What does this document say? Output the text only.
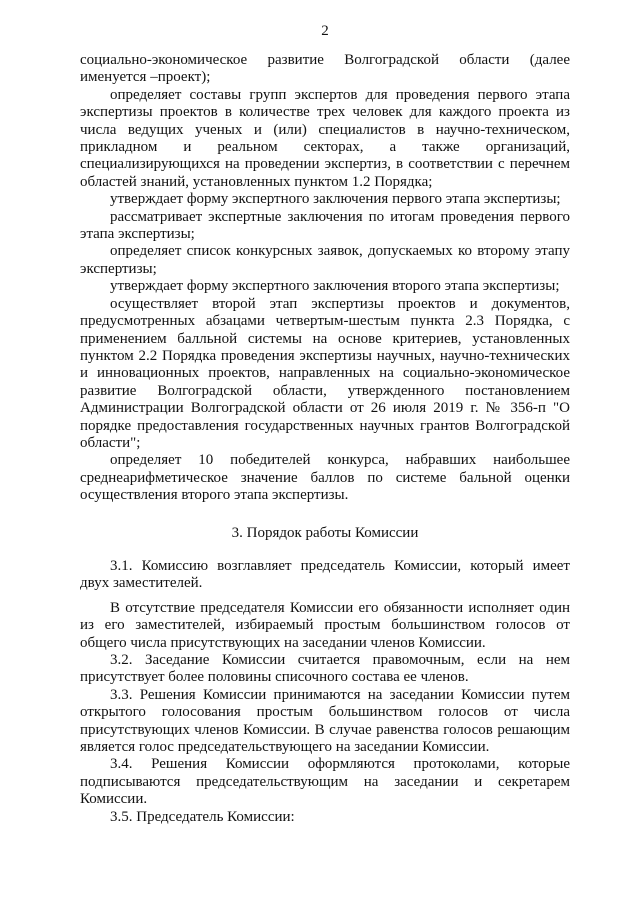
2

социально-экономическое развитие Волгоградской области (далее именуется –проект);

определяет составы групп экспертов для проведения первого этапа экспертизы проектов в количестве трех человек для каждого проекта из числа ведущих ученых и (или) специалистов в научно-техническом, прикладном и реальном секторах, а также организаций, специализирующихся на проведении экспертиз, в соответствии с перечнем областей знаний, установленных пунктом 1.2 Порядка;

утверждает форму экспертного заключения первого этапа экспертизы;

рассматривает экспертные заключения по итогам проведения первого этапа экспертизы;

определяет список конкурсных заявок, допускаемых ко второму этапу экспертизы;

утверждает форму экспертного заключения второго этапа экспертизы;

осуществляет второй этап экспертизы проектов и документов, предусмотренных абзацами четвертым-шестым пункта 2.3 Порядка, с применением балльной системы на основе критериев, установленных пунктом 2.2 Порядка проведения экспертизы научных, научно-технических и инновационных проектов, направленных на социально-экономическое развитие Волгоградской области, утвержденного постановлением Администрации Волгоградской области от 26 июля 2019 г. № 356-п "О порядке предоставления государственных научных грантов Волгоградской области";

определяет 10 победителей конкурса, набравших наибольшее среднеарифметическое значение баллов по системе бальной оценки осуществления второго этапа экспертизы.

3. Порядок работы Комиссии

3.1. Комиссию возглавляет председатель Комиссии, который имеет двух заместителей.

В отсутствие председателя Комиссии его обязанности исполняет один из его заместителей, избираемый простым большинством голосов от общего числа присутствующих на заседании членов Комиссии.

3.2. Заседание Комиссии считается правомочным, если на нем присутствует более половины списочного состава ее членов.

3.3. Решения Комиссии принимаются на заседании Комиссии путем открытого голосования простым большинством голосов от числа присутствующих членов Комиссии. В случае равенства голосов решающим является голос председательствующего на заседании Комиссии.

3.4. Решения Комиссии оформляются протоколами, которые подписываются председательствующим на заседании и секретарем Комиссии.

3.5. Председатель Комиссии:
